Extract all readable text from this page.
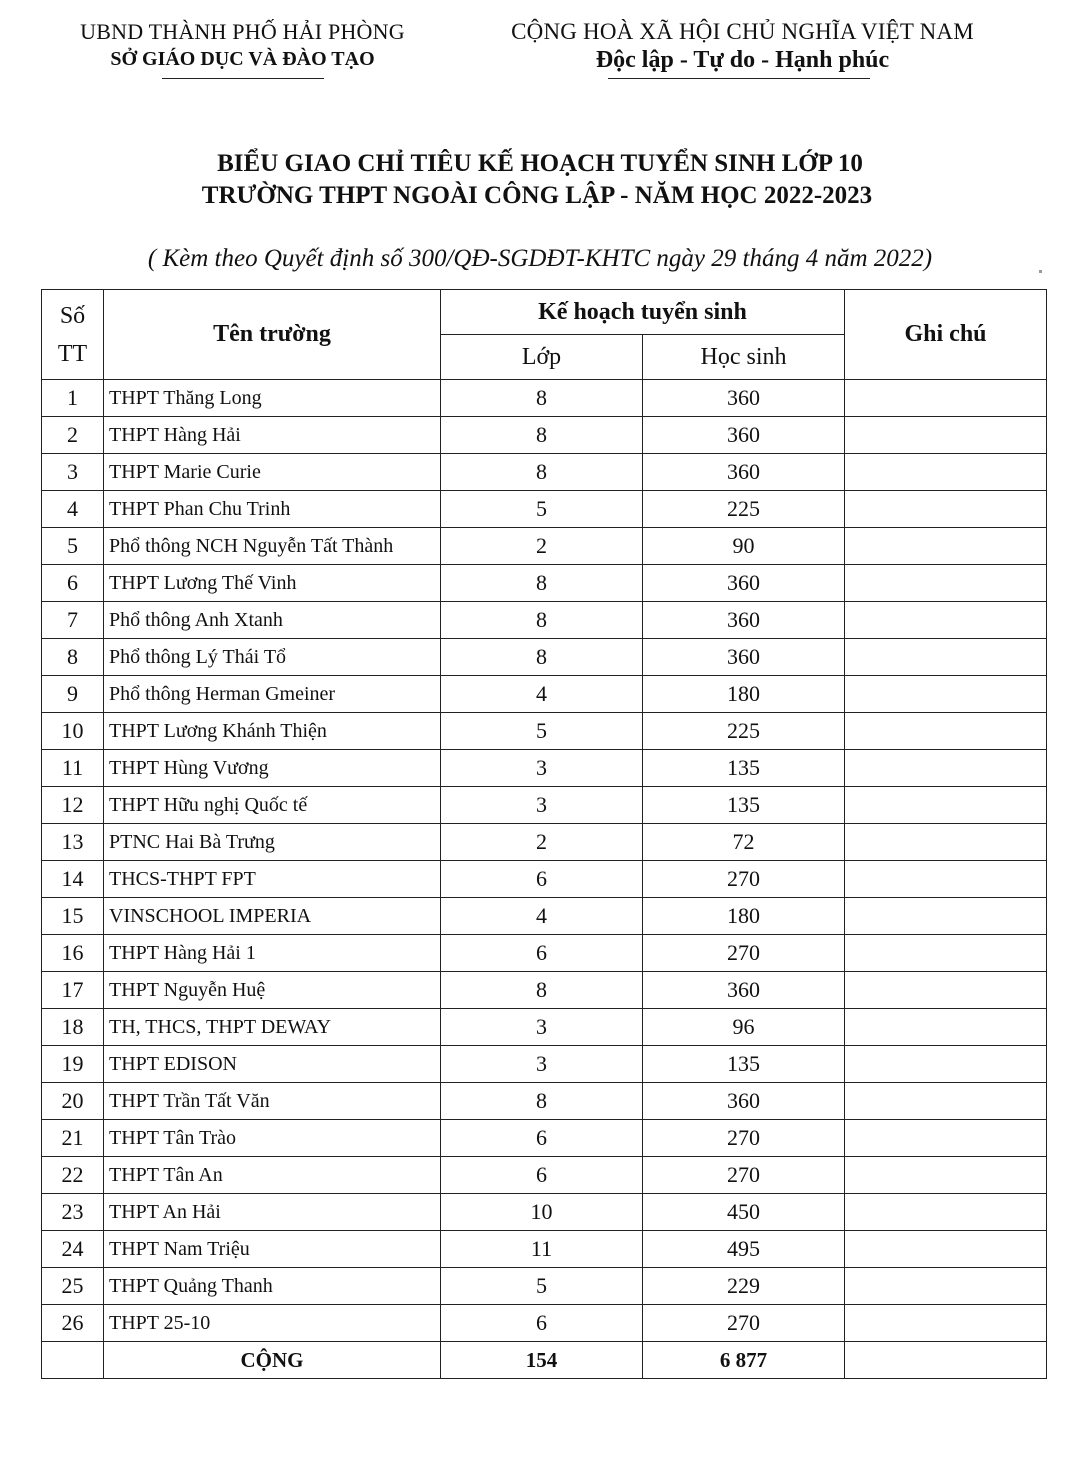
UBND THÀNH PHỐ HẢI PHÒNG
SỞ GIÁO DỤC VÀ ĐÀO TẠO
CỘNG HOÀ XÃ HỘI CHỦ NGHĨA VIỆT NAM
Độc lập - Tự do - Hạnh phúc
BIỂU GIAO CHỈ TIÊU KẾ HOẠCH TUYỂN SINH LỚP 10
TRƯỜNG THPT NGOÀI CÔNG LẬP - NĂM HỌC 2022-2023
( Kèm theo Quyết định số 300/QĐ-SGDĐT-KHTC ngày 29 tháng 4 năm 2022)
Số
TT	Tên trường	Kế hoạch tuyển sinh		Ghi chú
		Lớp	Học sinh	
1	THPT Thăng Long	8	360	
2	THPT Hàng Hải	8	360	
3	THPT Marie Curie	8	360	
4	THPT Phan Chu Trinh	5	225	
5	Phổ thông NCH Nguyễn Tất Thành	2	90	
6	THPT Lương Thế Vinh	8	360	
7	Phổ thông Anh Xtanh	8	360	
8	Phổ thông Lý Thái Tổ	8	360	
9	Phổ thông Herman Gmeiner	4	180	
10	THPT Lương Khánh Thiện	5	225	
11	THPT Hùng Vương	3	135	
12	THPT Hữu nghị Quốc tế	3	135	
13	PTNC Hai Bà Trưng	2	72	
14	THCS-THPT FPT	6	270	
15	VINSCHOOL IMPERIA	4	180	
16	THPT Hàng Hải 1	6	270	
17	THPT Nguyễn Huệ	8	360	
18	TH, THCS, THPT DEWAY	3	96	
19	THPT EDISON	3	135	
20	THPT Trần Tất Văn	8	360	
21	THPT Tân Trào	6	270	
22	THPT Tân An	6	270	
23	THPT An Hải	10	450	
24	THPT Nam Triệu	11	495	
25	THPT Quảng Thanh	5	229	
26	THPT 25-10	6	270	
	CỘNG	154	6 877	
